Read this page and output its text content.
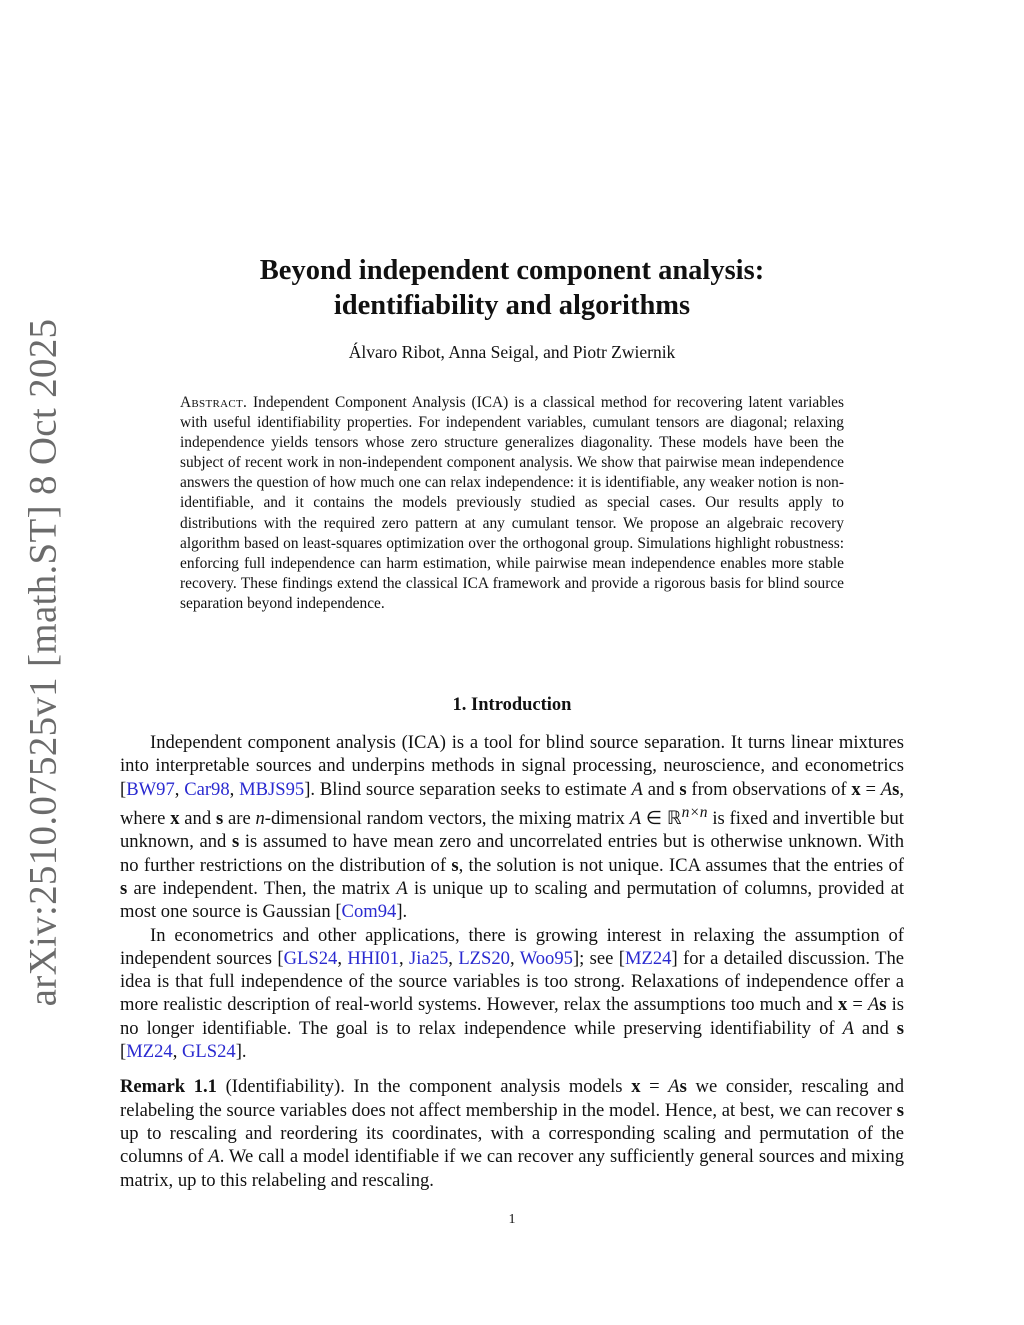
arXiv:2510.07525v1 [math.ST] 8 Oct 2025
Beyond independent component analysis:
identifiability and algorithms
Álvaro Ribot, Anna Seigal, and Piotr Zwiernik
Abstract. Independent Component Analysis (ICA) is a classical method for recovering latent variables with useful identifiability properties. For independent variables, cumulant tensors are diagonal; relaxing independence yields tensors whose zero structure generalizes diagonality. These models have been the subject of recent work in non-independent component analysis. We show that pairwise mean independence answers the question of how much one can relax independence: it is identifiable, any weaker notion is non-identifiable, and it contains the models previously studied as special cases. Our results apply to distributions with the required zero pattern at any cumulant tensor. We propose an algebraic recovery algorithm based on least-squares optimization over the orthogonal group. Simulations highlight robustness: enforcing full independence can harm estimation, while pairwise mean independence enables more stable recovery. These findings extend the classical ICA framework and provide a rigorous basis for blind source separation beyond independence.
1. Introduction

Independent component analysis (ICA) is a tool for blind source separation. It turns linear mixtures into interpretable sources and underpins methods in signal processing, neuroscience, and econometrics [BW97, Car98, MBJS95]. Blind source separation seeks to estimate A and s from observations of x = As, where x and s are n-dimensional random vectors, the mixing matrix A ∈ ℝ$^{n\times n}$ is fixed and invertible but unknown, and s is assumed to have mean zero and uncorrelated entries but is otherwise unknown. With no further restrictions on the distribution of s, the solution is not unique. ICA assumes that the entries of s are independent. Then, the matrix A is unique up to scaling and permutation of columns, provided at most one source is Gaussian [Com94].

In econometrics and other applications, there is growing interest in relaxing the assumption of independent sources [GLS24, HHI01, Jia25, LZS20, Woo95]; see [MZ24] for a detailed discussion. The idea is that full independence of the source variables is too strong. Relaxations of independence offer a more realistic description of real-world systems. However, relax the assumptions too much and x = As is no longer identifiable. The goal is to relax independence while preserving identifiability of A and s [MZ24, GLS24].

Remark 1.1 (Identifiability). In the component analysis models x = As we consider, rescaling and relabeling the source variables does not affect membership in the model. Hence, at best, we can recover s up to rescaling and reordering its coordinates, with a corresponding scaling and permutation of the columns of A. We call a model identifiable if we can recover any sufficiently general sources and mixing matrix, up to this relabeling and rescaling.

1
